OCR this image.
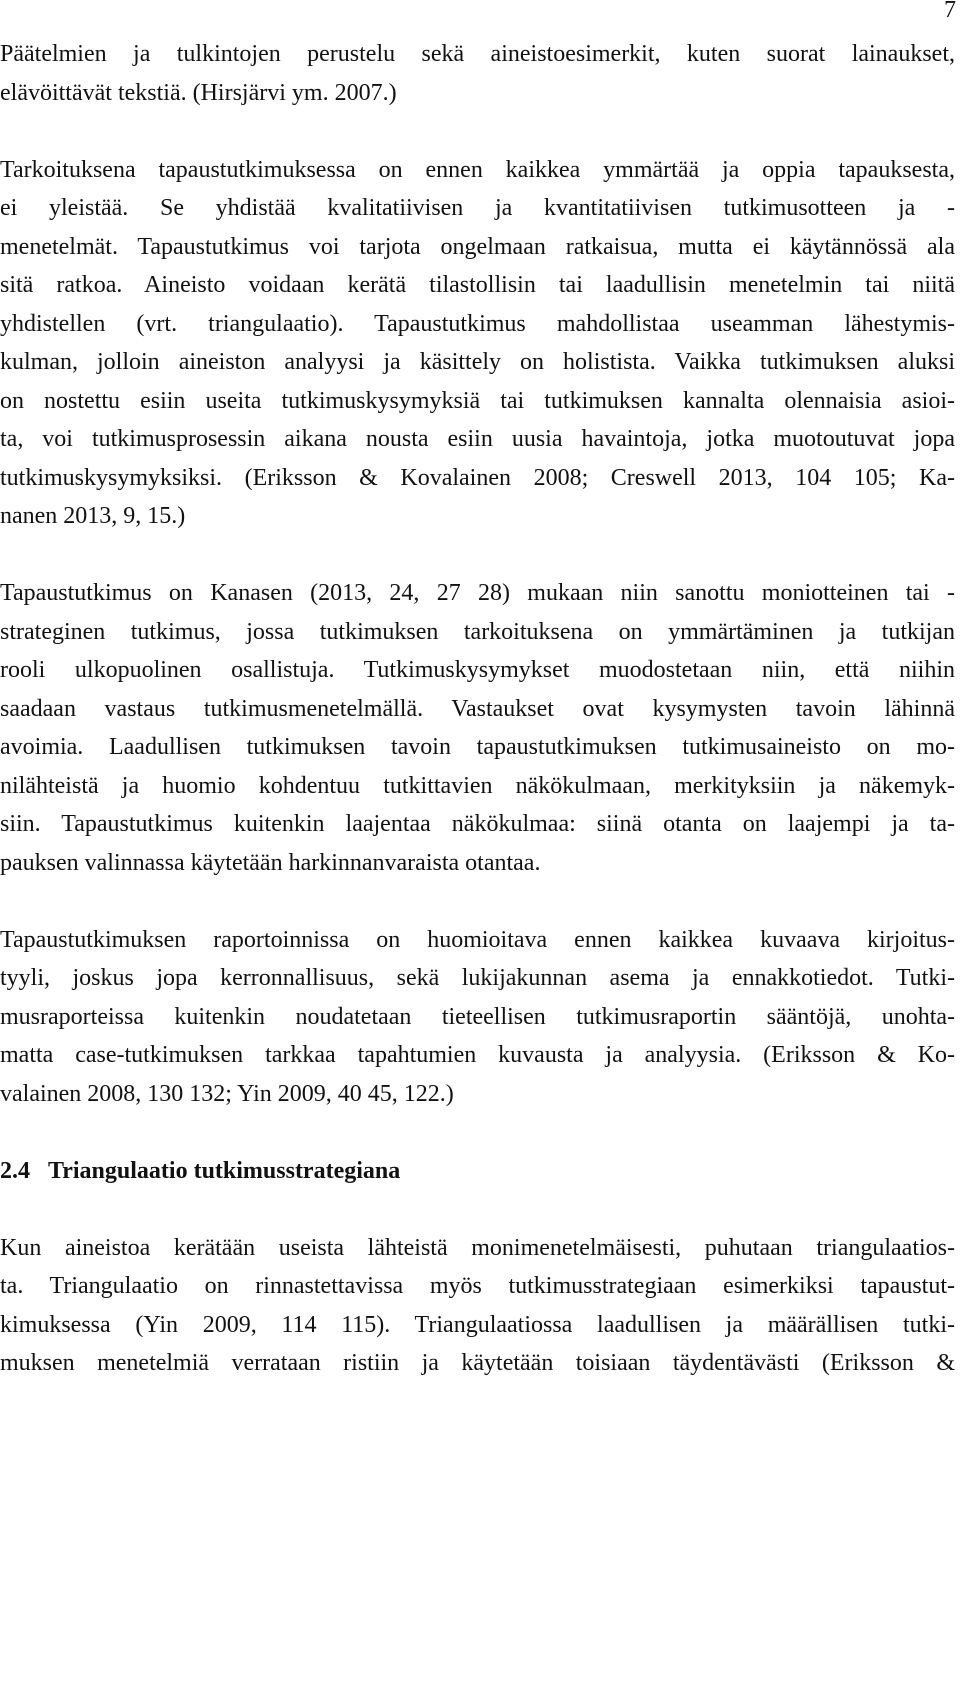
7
Päätelmien ja tulkintojen perustelu sekä aineistoesimerkit, kuten suorat lainaukset,
elävöittävät tekstiä. (Hirsjärvi ym. 2007.)
Tarkoituksena tapaustutkimuksessa on ennen kaikkea ymmärtää ja oppia tapauksesta,
ei yleistää. Se yhdistää kvalitatiivisen ja kvantitatiivisen tutkimusotteen ja -
menetelmät. Tapaustutkimus voi tarjota ongelmaan ratkaisua, mutta ei käytännössä ala
sitä ratkoa. Aineisto voidaan kerätä tilastollisin tai laadullisin menetelmin tai niitä
yhdistellen (vrt. triangulaatio). Tapaustutkimus mahdollistaa useamman lähestymis-
kulman, jolloin aineiston analyysi ja käsittely on holistista. Vaikka tutkimuksen aluksi
on nostettu esiin useita tutkimuskysymyksiä tai tutkimuksen kannalta olennaisia asioi-
ta, voi tutkimusprosessin aikana nousta esiin uusia havaintoja, jotka muotoutuvat jopa
tutkimuskysymyksiksi. (Eriksson & Kovalainen 2008; Creswell 2013, 104 105; Ka-
nanen 2013, 9, 15.)
Tapaustutkimus on Kanasen (2013, 24, 27 28) mukaan niin sanottu moniotteinen tai -
strateginen tutkimus, jossa tutkimuksen tarkoituksena on ymmärtäminen ja tutkijan
rooli ulkopuolinen osallistuja. Tutkimuskysymykset muodostetaan niin, että niihin
saadaan vastaus tutkimusmenetelmällä. Vastaukset ovat kysymysten tavoin lähinnä
avoimia. Laadullisen tutkimuksen tavoin tapaustutkimuksen tutkimusaineisto on mo-
nilähteistä ja huomio kohdentuu tutkittavien näkökulmaan, merkityksiin ja näkemyk-
siin. Tapaustutkimus kuitenkin laajentaa näkökulmaa: siinä otanta on laajempi ja ta-
pauksen valinnassa käytetään harkinnanvaraista otantaa.
Tapaustutkimuksen raportoinnissa on huomioitava ennen kaikkea kuvaava kirjoitus-
tyyli, joskus jopa kerronnallisuus, sekä lukijakunnan asema ja ennakkotiedot. Tutki-
musraporteissa kuitenkin noudatetaan tieteellisen tutkimusraportin sääntöjä, unohta-
matta case-tutkimuksen tarkkaa tapahtumien kuvausta ja analyysia. (Eriksson & Ko-
valainen 2008, 130 132; Yin 2009, 40 45, 122.)
2.4 Triangulaatio tutkimusstrategiana
Kun aineistoa kerätään useista lähteistä monimenetelmäisesti, puhutaan triangulaatios-
ta. Triangulaatio on rinnastettavissa myös tutkimusstrategiaan esimerkiksi tapaustut-
kimuksessa (Yin 2009, 114 115). Triangulaatiossa laadullisen ja määrällisen tutki-
muksen menetelmiä verrataan ristiin ja käytetään toisiaan täydentävästi (Eriksson &
